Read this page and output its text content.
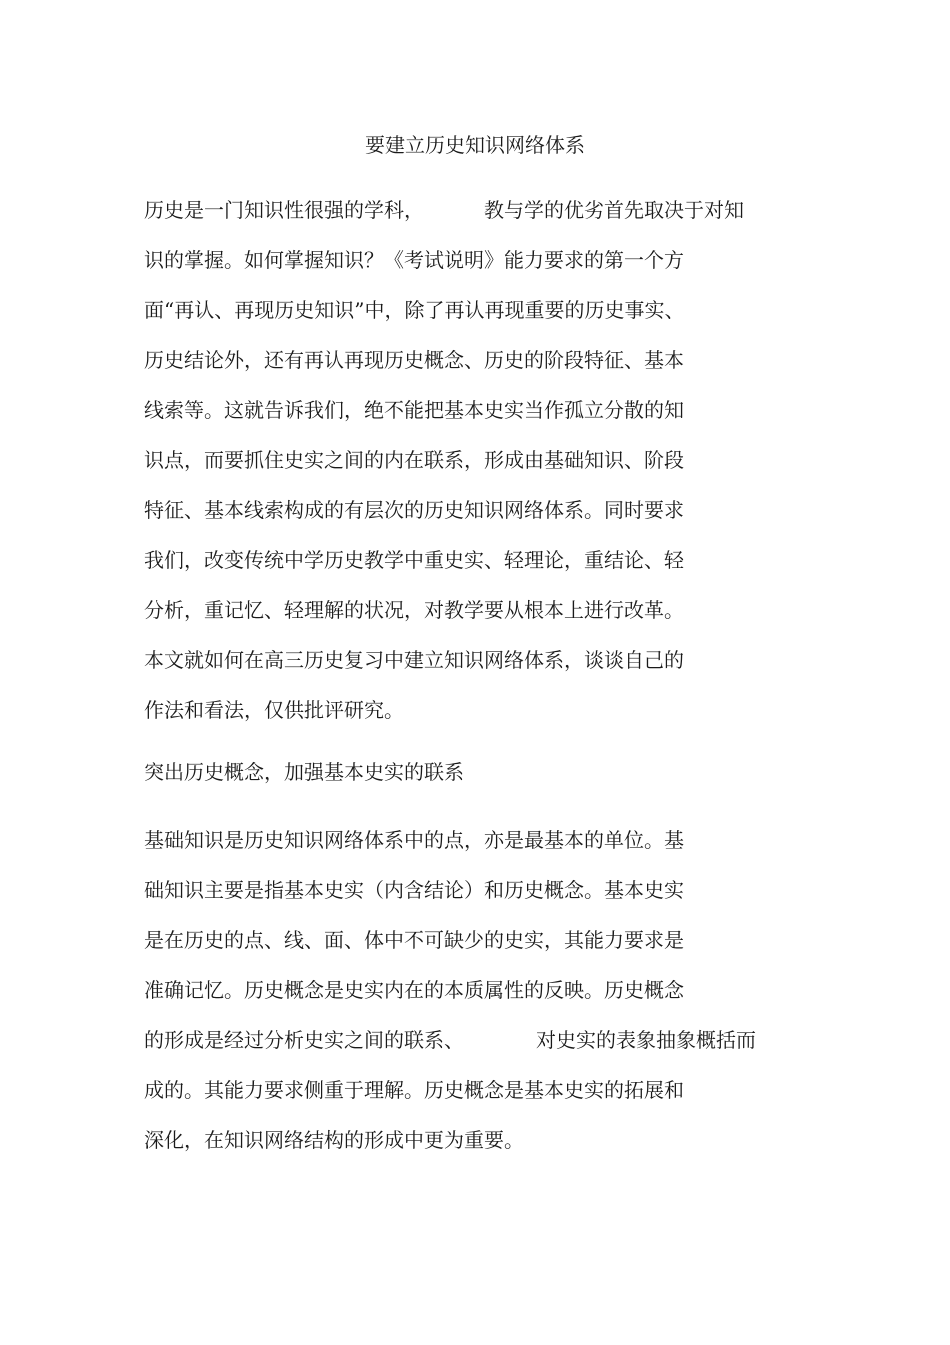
要建立历史知识网络体系
历史是一门知识性很强的学科，	教与学的优劣首先取决于对知
识的掌握。如何掌握知识？《考试说明》能力要求的第一个方
面“再认、再现历史知识”中，除了再认再现重要的历史事实、
历史结论外，还有再认再现历史概念、历史的阶段特征、基本
线索等。这就告诉我们，绝不能把基本史实当作孤立分散的知
识点，而要抓住史实之间的内在联系，形成由基础知识、阶段
特征、基本线索构成的有层次的历史知识网络体系。同时要求
我们，改变传统中学历史教学中重史实、轻理论，重结论、轻
分析，重记忆、轻理解的状况，对教学要从根本上进行改革。
本文就如何在高三历史复习中建立知识网络体系，谈谈自己的
作法和看法，仅供批评研究。
突出历史概念，加强基本史实的联系
基础知识是历史知识网络体系中的点，亦是最基本的单位。基
础知识主要是指基本史实（内含结论）和历史概念。基本史实
是在历史的点、线、面、体中不可缺少的史实，其能力要求是
准确记忆。历史概念是史实内在的本质属性的反映。历史概念
的形成是经过分析史实之间的联系、	对史实的表象抽象概括而
成的。其能力要求侧重于理解。历史概念是基本史实的拓展和
深化，在知识网络结构的形成中更为重要。
